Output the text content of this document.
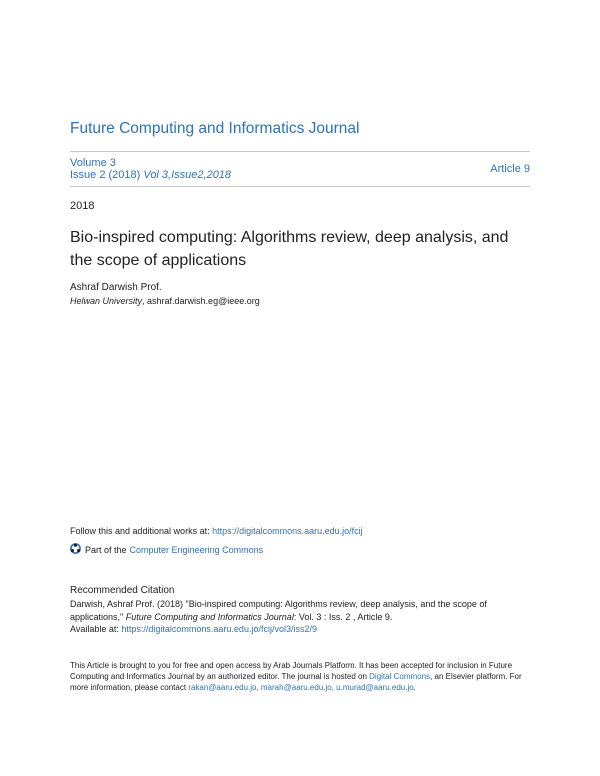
Future Computing and Informatics Journal
Volume 3
Issue 2 (2018) Vol 3,Issue2,2018	Article 9
2018
Bio-inspired computing: Algorithms review, deep analysis, and the scope of applications
Ashraf Darwish Prof.
Helwan University, ashraf.darwish.eg@ieee.org
Follow this and additional works at: https://digitalcommons.aaru.edu.jo/fcij
Part of the Computer Engineering Commons
Recommended Citation
Darwish, Ashraf Prof. (2018) "Bio-inspired computing: Algorithms review, deep analysis, and the scope of applications," Future Computing and Informatics Journal: Vol. 3 : Iss. 2 , Article 9.
Available at: https://digitalcommons.aaru.edu.jo/fcij/vol3/iss2/9
This Article is brought to you for free and open access by Arab Journals Platform. It has been accepted for inclusion in Future Computing and Informatics Journal by an authorized editor. The journal is hosted on Digital Commons, an Elsevier platform. For more information, please contact rakan@aaru.edu.jo, marah@aaru.edu.jo, u.murad@aaru.edu.jo.
